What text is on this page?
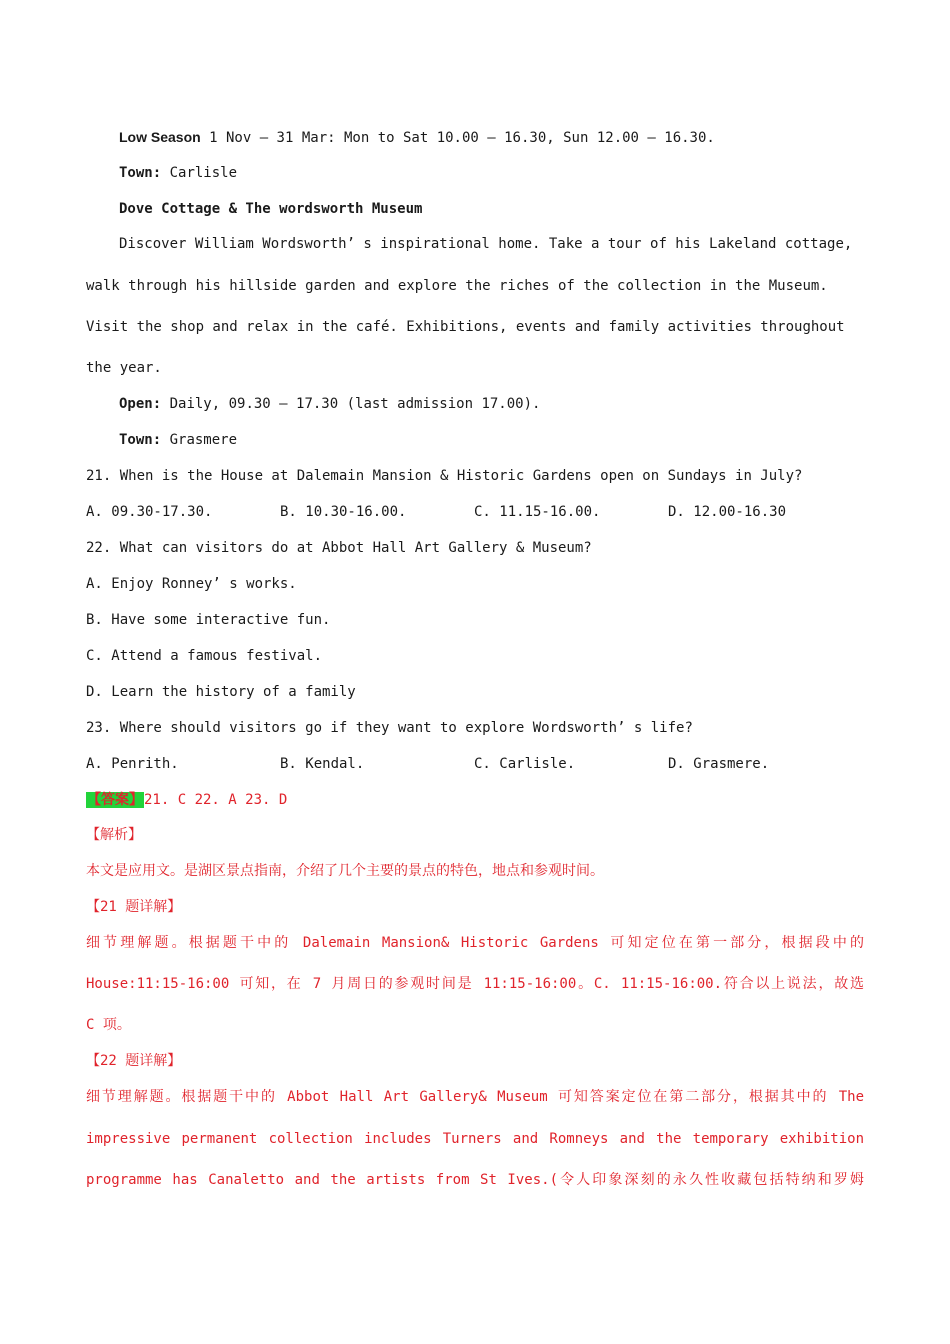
Low Season 1 Nov – 31 Mar: Mon to Sat 10.00 – 16.30, Sun 12.00 – 16.30.
Town: Carlisle
Dove Cottage & The wordsworth Museum
Discover William Wordsworth’ s inspirational home. Take a tour of his Lakeland cottage,
walk through his hillside garden and explore the riches of the collection in the Museum.
Visit the shop and relax in the café. Exhibitions, events and family activities throughout
the year.
Open: Daily, 09.30 – 17.30 (last admission 17.00).
Town: Grasmere
21. When is the House at Dalemain Mansion & Historic Gardens open on Sundays in July?
A. 09.30-17.30.	B. 10.30-16.00.	C. 11.15-16.00.	D. 12.00-16.30
22. What can visitors do at Abbot Hall Art Gallery & Museum?
A. Enjoy Ronney’ s works.
B. Have some interactive fun.
C. Attend a famous festival.
D. Learn the history of a family
23. Where should visitors go if they want to explore Wordsworth’ s life?
A. Penrith.	B. Kendal.	C. Carlisle.	D. Grasmere.
【答案】21. C 22. A 23. D
【解析】
本文是应用文。是湖区景点指南，介绍了几个主要的景点的特色，地点和参观时间。
【21 题详解】
细节理解题。根据题干中的 Dalemain Mansion& Historic Gardens 可知定位在第一部分，根据段中的
House:11:15-16:00 可知，在 7 月周日的参观时间是 11:15-16:00。C. 11:15-16:00.符合以上说法，故选
C 项。
【22 题详解】
细节理解题。根据题干中的 Abbot Hall Art Gallery& Museum 可知答案定位在第二部分，根据其中的 The
impressive permanent collection includes Turners and Romneys and the temporary exhibition
programme has Canaletto and the artists from St Ives.(令人印象深刻的永久性收藏包括特纳和罗姆
